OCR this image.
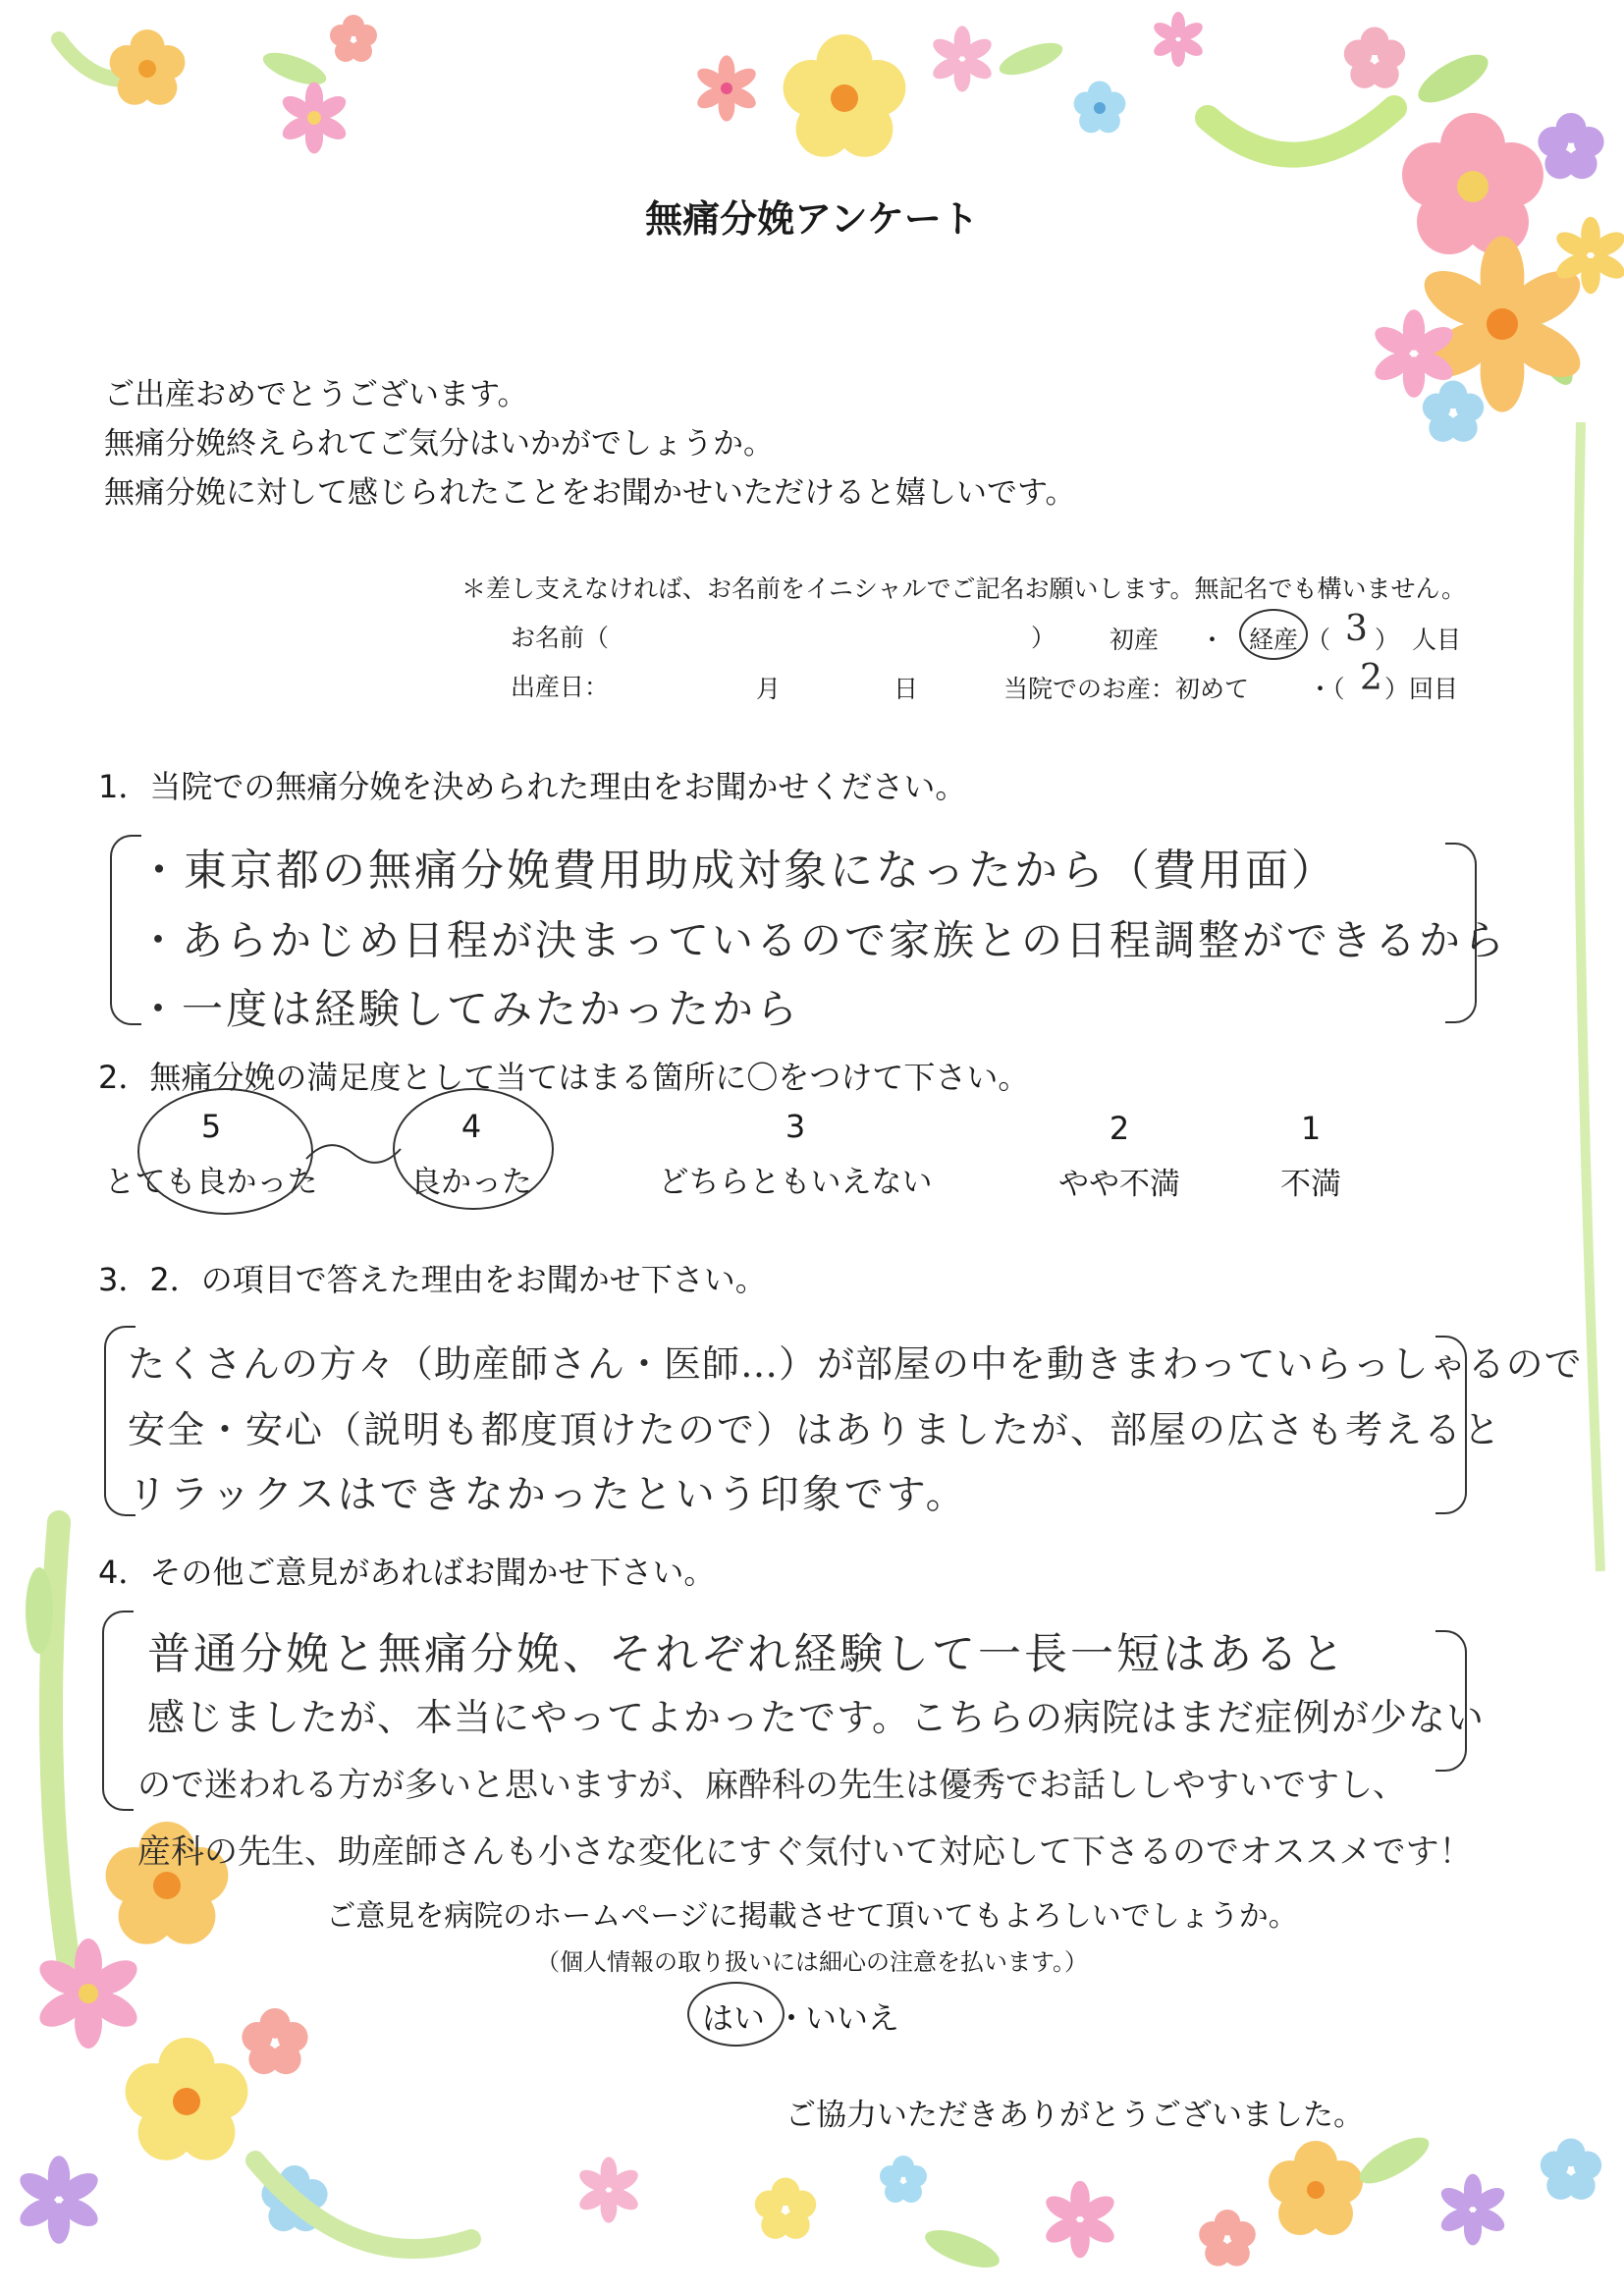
無痛分娩アンケート
ご出産おめでとうございます。
無痛分娩終えられてご気分はいかがでしょうか。
無痛分娩に対して感じられたことをお聞かせいただけると嬉しいです。
＊差し支えなければ、お名前をイニシャルでご記名お願いします。無記名でも構いません。
お名前（	） 初産 ・ 経産 （ 3 ） 人目
出産日：	月	日	当院でのお産：初めて ・（ 2 ）回目
1．当院での無痛分娩を決められた理由をお聞かせください。
・東京都の無痛分娩費用助成対象になったから（費用面）
・あらかじめ日程が決まっているので家族との日程調整ができるから
・一度は経験してみたかったから
2．無痛分娩の満足度として当てはまる箇所に〇をつけて下さい。
5
とても良かった
4
良かった
3
どちらともいえない
2
やや不満
1
不満
3．2．の項目で答えた理由をお聞かせ下さい。
たくさんの方々（助産師さん・医師…）が部屋の中を動きまわっていらっしゃるので
安全・安心（説明も都度頂けたので）はありましたが、部屋の広さも考えると
リラックスはできなかったという印象です。
4．その他ご意見があればお聞かせ下さい。
普通分娩と無痛分娩、それぞれ経験して一長一短はあると
感じましたが、本当にやってよかったです。こちらの病院はまだ症例が少ない
ので迷われる方が多いと思いますが、麻酔科の先生は優秀でお話ししやすいですし、
産科の先生、助産師さんも小さな変化にすぐ気付いて対応して下さるのでオススメです！
ご意見を病院のホームページに掲載させて頂いてもよろしいでしょうか。
（個人情報の取り扱いには細心の注意を払います。）
はい ・
いいえ
ご協力いただきありがとうございました。
